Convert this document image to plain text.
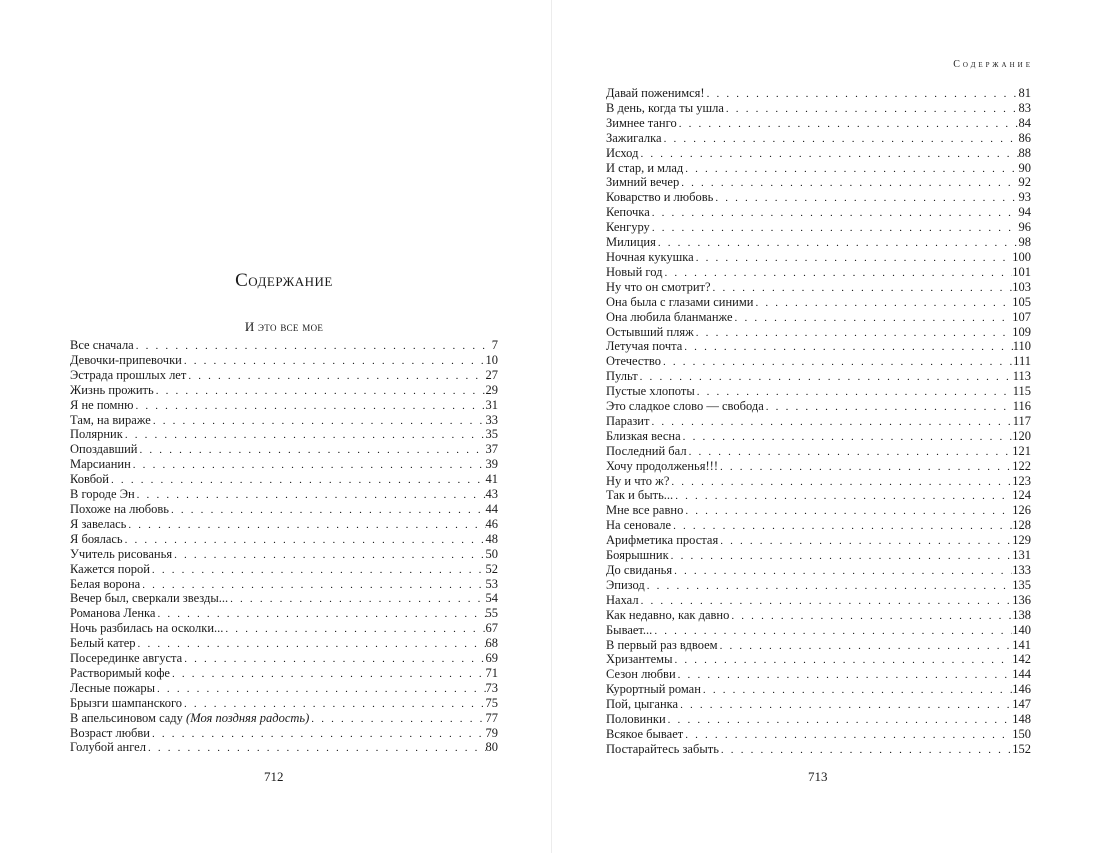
Содержание
И это все мое
Все сначала . . .	7
Девочки-припевочки . . .	10
Эстрада прошлых лет . . .	27
Жизнь прожить . . .	29
Я не помню . . .	31
Там, на вираже . . .	33
Полярник . . .	35
Опоздавший . . .	37
Марсианин . . .	39
Ковбой . . .	41
В городе Эн . . .	43
Похоже на любовь . . .	44
Я завелась . . .	46
Я боялась . . .	48
Учитель рисованья . . .	50
Кажется порой . . .	52
Белая ворона . . .	53
Вечер был, сверкали звезды... . . .	54
Романова Ленка . . .	55
Ночь разбилась на осколки... . . .	67
Белый катер . . .	68
Посерединке августа . . .	69
Растворимый кофе . . .	71
Лесные пожары . . .	73
Брызги шампанского . . .	75
В апельсиновом саду (Моя поздняя радость) . . .	77
Возраст любви . . .	79
Голубой ангел . . .	80
712
Содержание
Давай поженимся! . . .	81
В день, когда ты ушла . . .	83
Зимнее танго . . .	84
Зажигалка . . .	86
Исход . . .	88
И стар, и млад . . .	90
Зимний вечер . . .	92
Коварство и любовь . . .	93
Кепочка . . .	94
Кенгуру . . .	96
Милиция . . .	98
Ночная кукушка . . .	100
Новый год . . .	101
Ну что он смотрит? . . .	103
Она была с глазами синими . . .	105
Она любила бланманже . . .	107
Остывший пляж . . .	109
Летучая почта . . .	110
Отечество . . .	111
Пульт . . .	113
Пустые хлопоты . . .	115
Это сладкое слово — свобода . . .	116
Паразит . . .	117
Близкая весна . . .	120
Последний бал . . .	121
Хочу продолженья!!! . . .	122
Ну и что ж? . . .	123
Так и быть... . . .	124
Мне все равно . . .	126
На сеновале . . .	128
Арифметика простая . . .	129
Боярышник . . .	131
До свиданья . . .	133
Эпизод . . .	135
Нахал . . .	136
Как недавно, как давно . . .	138
Бывает... . . .	140
В первый раз вдвоем . . .	141
Хризантемы . . .	142
Сезон любви . . .	144
Курортный роман . . .	146
Пой, цыганка . . .	147
Половинки . . .	148
Всякое бывает . . .	150
Постарайтесь забыть . . .	152
713
